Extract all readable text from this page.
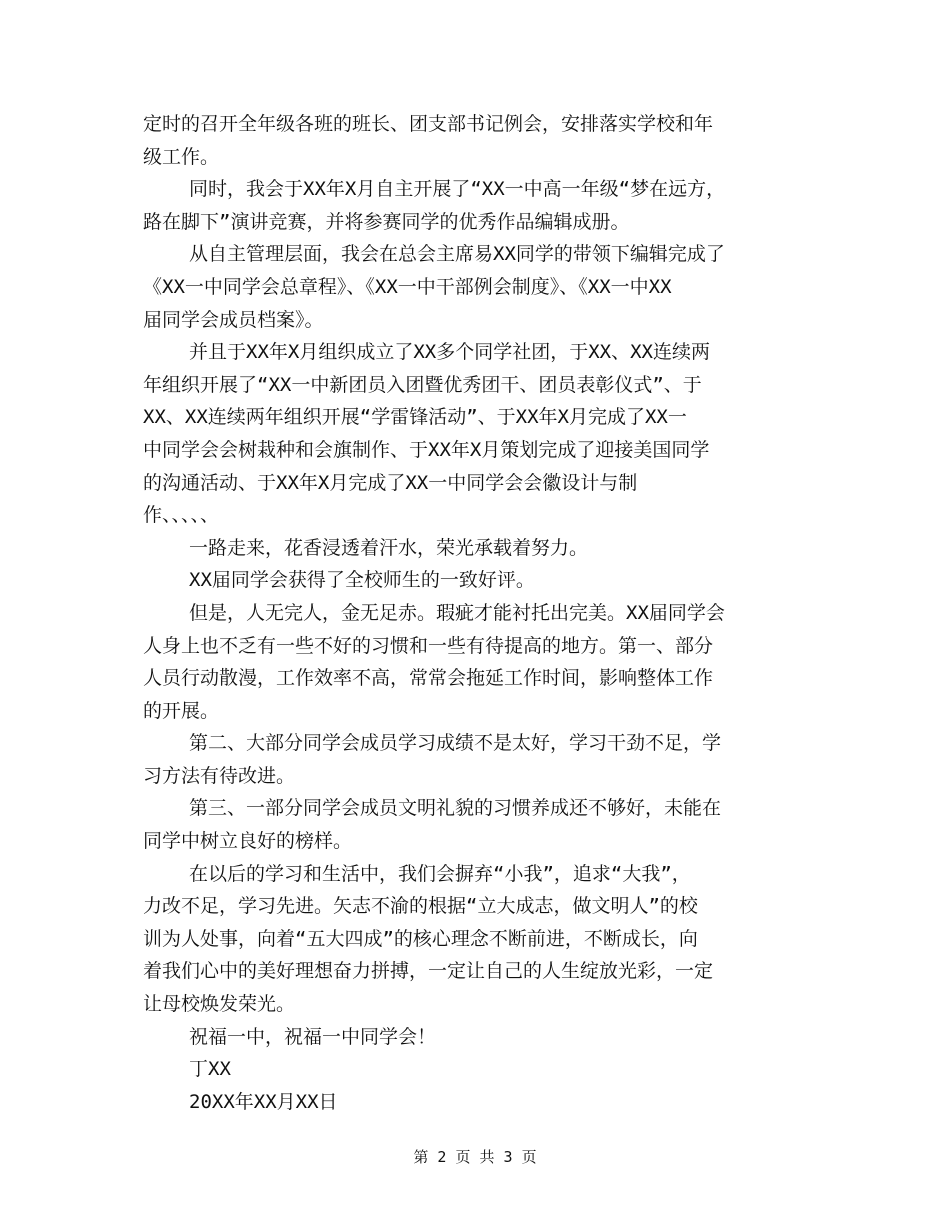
定时的召开全年级各班的班长、团支部书记例会，安排落实学校和年
级工作。
同时，我会于XX年X月自主开展了“XX一中高一年级“梦在远方，
路在脚下”演讲竞赛，并将参赛同学的优秀作品编辑成册。
从自主管理层面，我会在总会主席易XX同学的带领下编辑完成了
《XX一中同学会总章程》、《XX一中干部例会制度》、《XX一中XX
届同学会成员档案》。
并且于XX年X月组织成立了XX多个同学社团，于XX、XX连续两
年组织开展了“XX一中新团员入团暨优秀团干、团员表彰仪式”、于
XX、XX连续两年组织开展“学雷锋活动”、于XX年X月完成了XX一
中同学会会树栽种和会旗制作、于XX年X月策划完成了迎接美国同学
的沟通活动、于XX年X月完成了XX一中同学会会徽设计与制
作、、、、、
一路走来，花香浸透着汗水，荣光承载着努力。
XX届同学会获得了全校师生的一致好评。
但是，人无完人，金无足赤。瑕疵才能衬托出完美。XX届同学会
人身上也不乏有一些不好的习惯和一些有待提高的地方。第一、部分
人员行动散漫，工作效率不高，常常会拖延工作时间，影响整体工作
的开展。
第二、大部分同学会成员学习成绩不是太好，学习干劲不足，学
习方法有待改进。
第三、一部分同学会成员文明礼貌的习惯养成还不够好，未能在
同学中树立良好的榜样。
在以后的学习和生活中，我们会摒弃“小我”，追求“大我”，
力改不足，学习先进。矢志不渝的根据“立大成志，做文明人”的校
训为人处事，向着“五大四成”的核心理念不断前进，不断成长，向
着我们心中的美好理想奋力拼搏，一定让自己的人生绽放光彩，一定
让母校焕发荣光。
祝福一中，祝福一中同学会！
丁XX
20XX年XX月XX日
第 2 页 共 3 页
